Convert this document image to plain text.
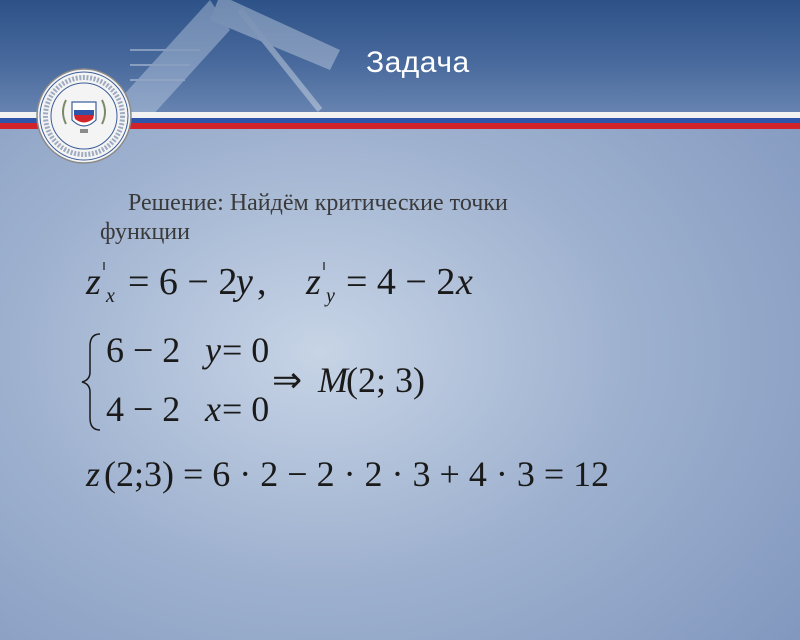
Задача
Решение: Найдём критические точки
функции
z x = 6 − 2
y , z y = 4 − 2 x
6 − 2 y = 0
4 − 2 x = 0
⇒ M
(2; 3)
z (2;3) = 6 · 2 − 2 · 2 · 3 + 4 · 3 = 12
